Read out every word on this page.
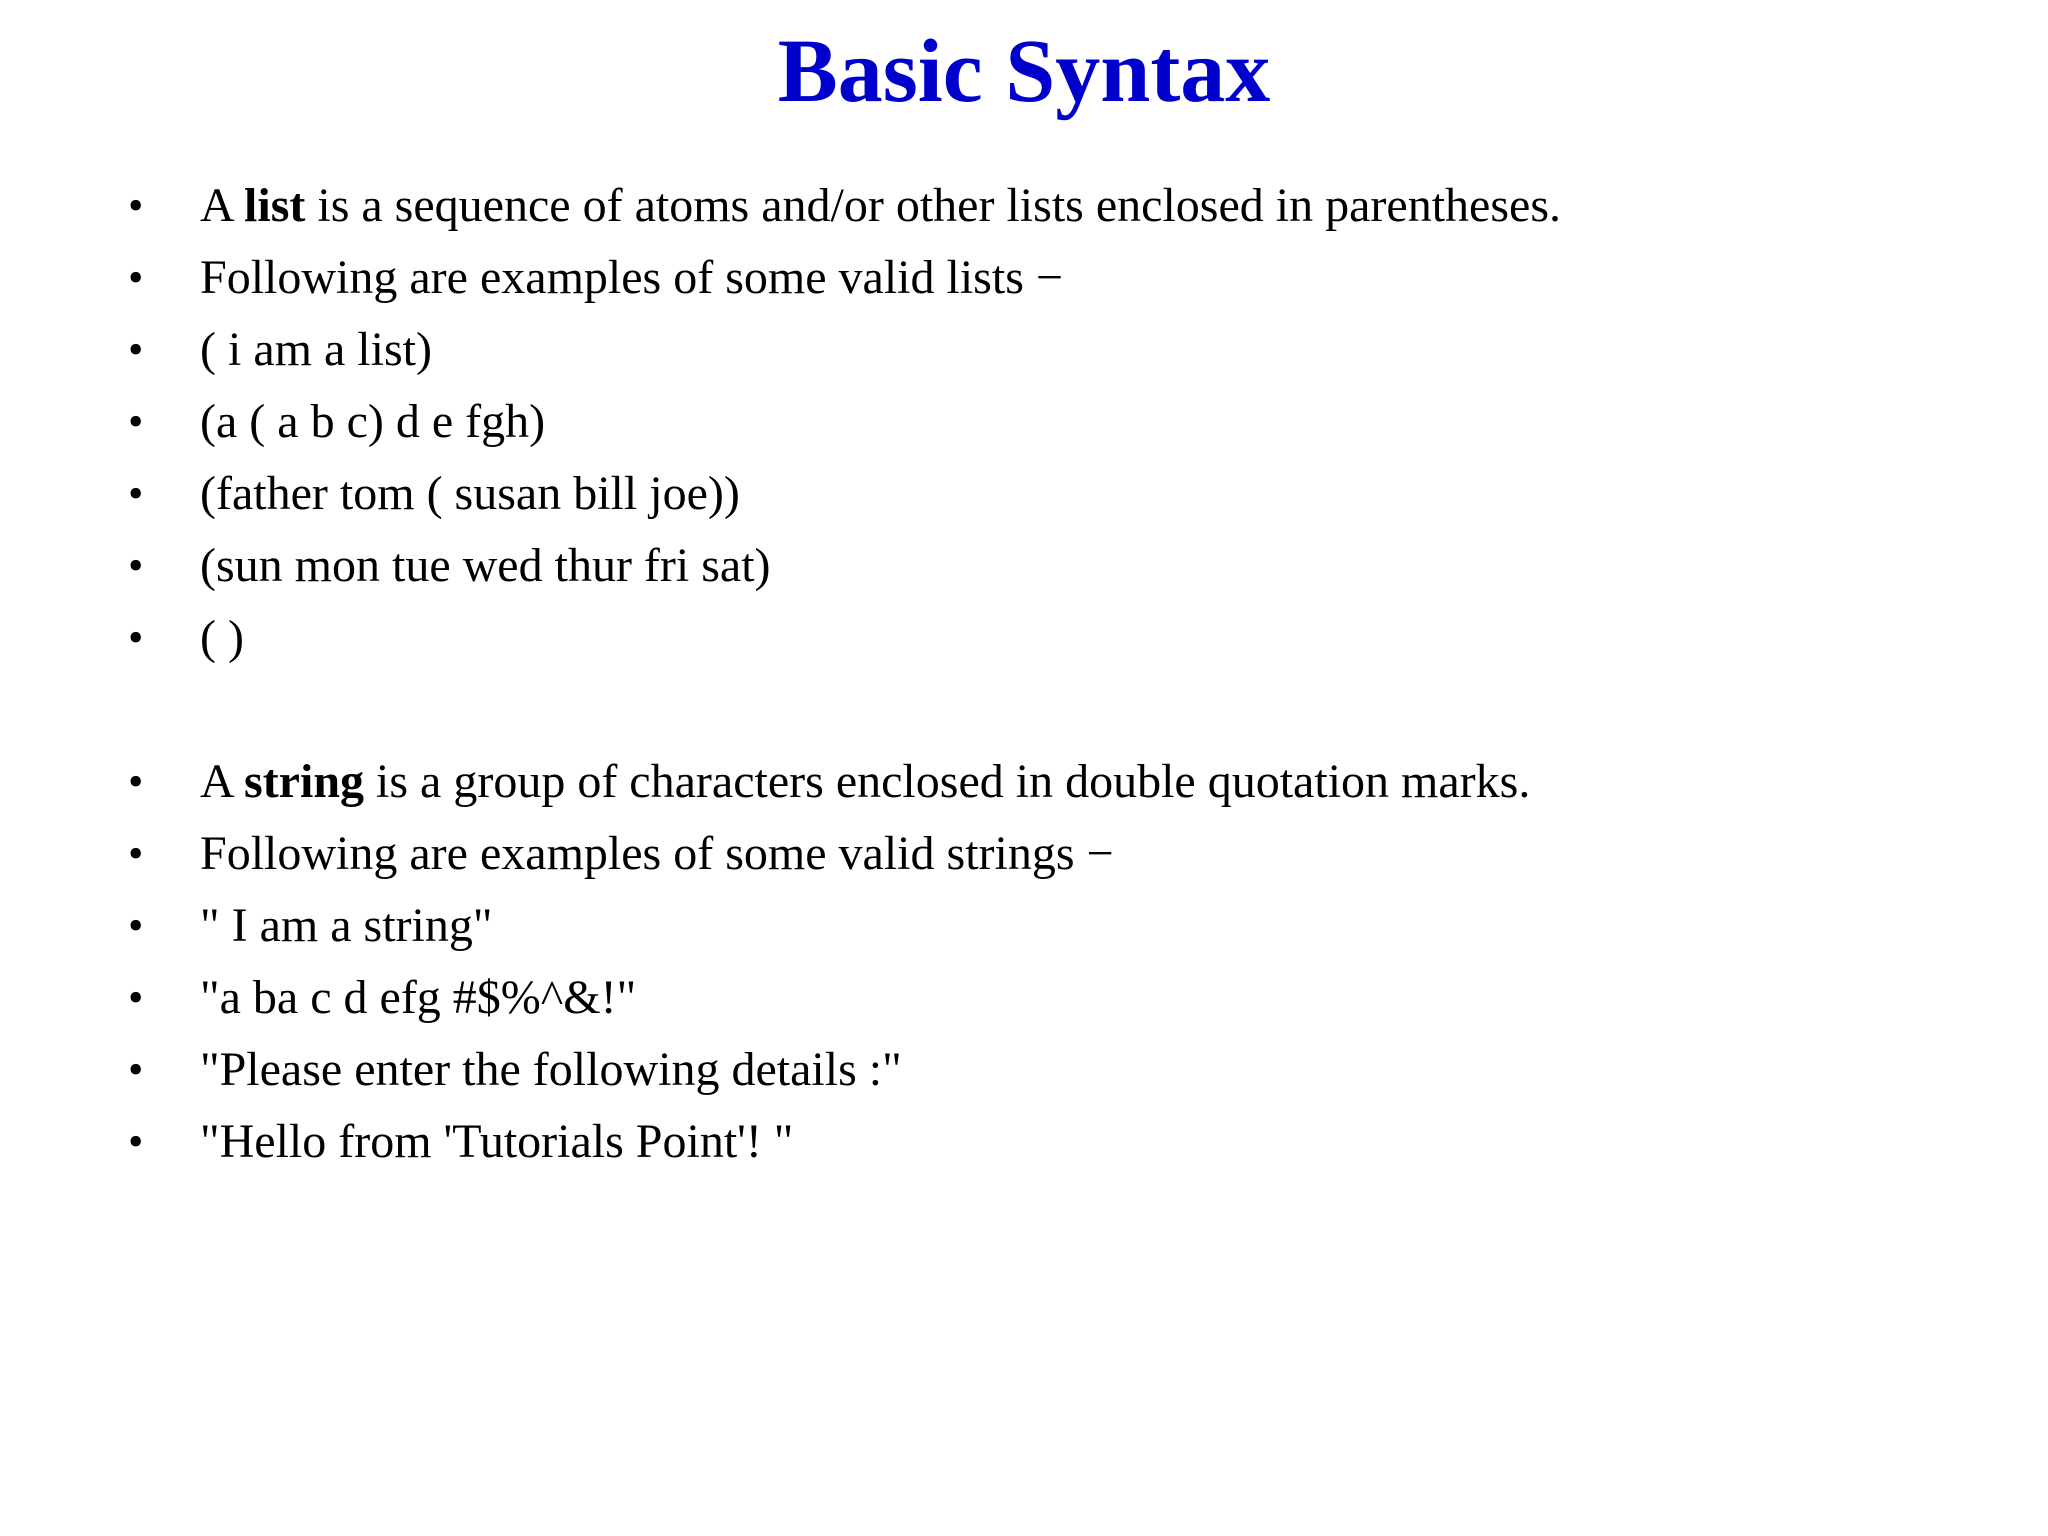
Basic Syntax
• A list is a sequence of atoms and/or other lists enclosed in parentheses.
• Following are examples of some valid lists −
• ( i am a list)
• (a ( a b c) d e fgh)
• (father tom ( susan bill joe))
• (sun mon tue wed thur fri sat)
• ( )
• A string is a group of characters enclosed in double quotation marks.
• Following are examples of some valid strings −
• " I am a string"
• "a ba c d efg #$%^&!"
• "Please enter the following details :"
• "Hello from 'Tutorials Point'! "
